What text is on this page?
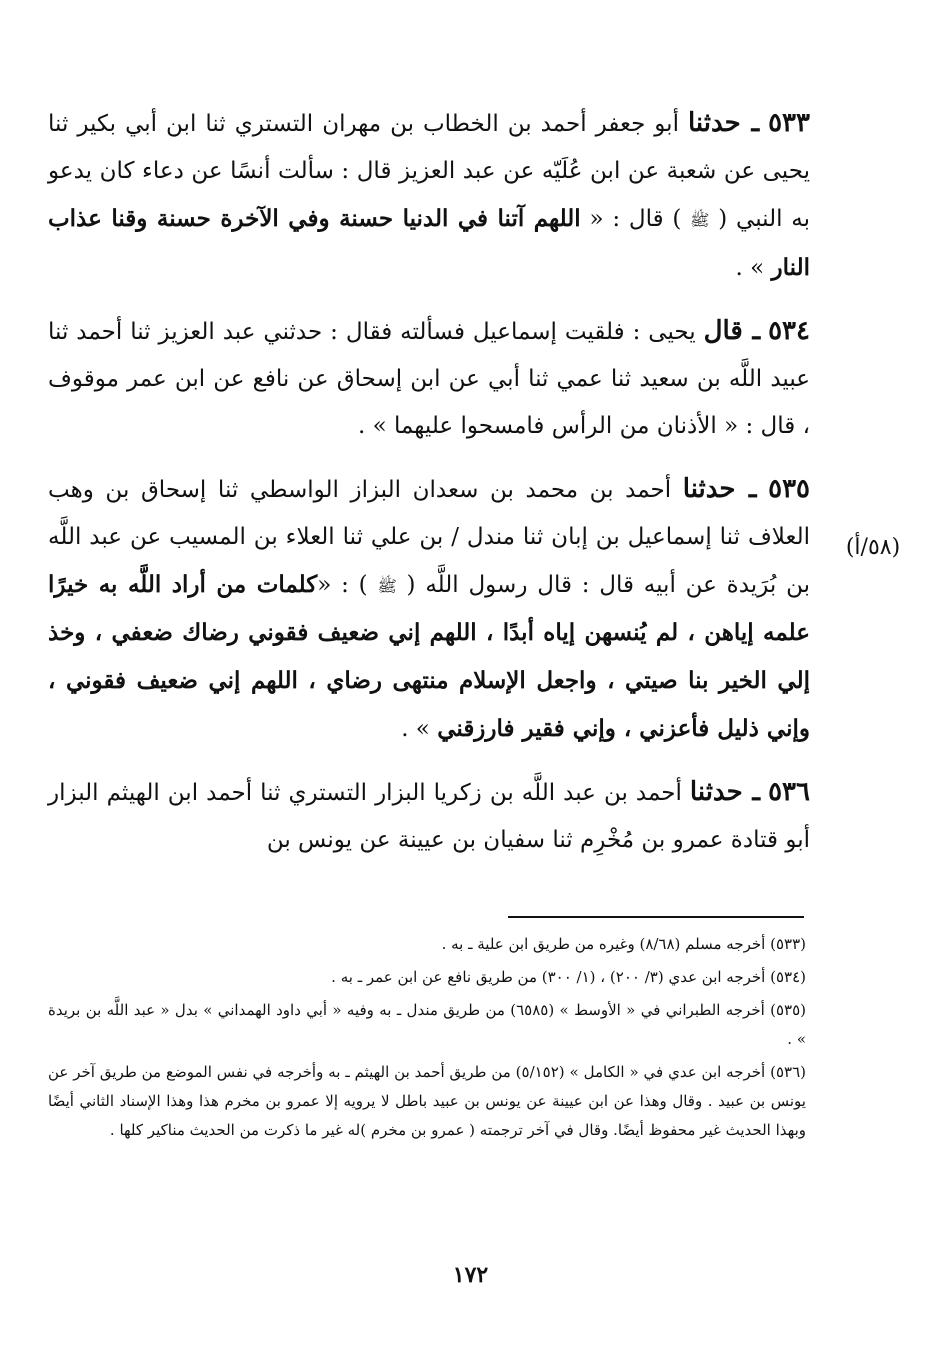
٥٣٣ ـ حدثنا أبو جعفر أحمد بن الخطاب بن مهران التستري ثنا ابن أبي بكير ثنا يحيى عن شعبة عن ابن عُلَيّه عن عبد العزيز قال : سألت أنسًا عن دعاء كان يدعو به النبي ( ﷺ ) قال : « اللهم آتنا في الدنيا حسنة وفي الآخرة حسنة وقنا عذاب النار » .

٥٣٤ ـ قال يحيى : فلقيت إسماعيل فسألته فقال : حدثني عبد العزيز ثنا أحمد ثنا عبيد اللَّه بن سعيد ثنا عمي ثنا أبي عن ابن إسحاق عن نافع عن ابن عمر موقوف ، قال : « الأذنان من الرأس فامسحوا عليهما » .

٥٣٥ ـ حدثنا أحمد بن محمد بن سعدان البزاز الواسطي ثنا إسحاق بن وهب العلاف ثنا إسماعيل بن إبان ثنا مندل / بن علي ثنا العلاء بن المسيب عن عبد اللَّه بن بُرَيدة عن أبيه قال : قال رسول اللَّه ( ﷺ ) : «كلمات من أراد اللَّه به خيرًا علمه إياهن ، لم يُنسهن إياه أبدًا ، اللهم إني ضعيف فقوني رضاك ضعفي ، وخذ إلي الخير بنا صيتي ، واجعل الإسلام منتهى رضاي ، اللهم إني ضعيف فقوني ، وإني ذليل فأعزني ، وإني فقير فارزقني » .

٥٣٦ ـ حدثنا أحمد بن عبد اللَّه بن زكريا البزار التستري ثنا أحمد ابن الهيثم البزار أبو قتادة عمرو بن مُخْرِم ثنا سفيان بن عيينة عن يونس بن

(٥٨/أ)

(٥٣٣) أخرجه مسلم (٨/٦٨) وغيره من طريق ابن علية ـ به .

(٥٣٤) أخرجه ابن عدي (٣/ ٢٠٠) ، (١/ ٣٠٠) من طريق نافع عن ابن عمر ـ به .

(٥٣٥) أخرجه الطبراني في « الأوسط » (٦٥٨٥) من طريق مندل ـ به وفيه « أبي داود الهمداني » بدل « عبد اللَّه بن بريدة » .

(٥٣٦) أخرجه ابن عدي في « الكامل » (٥/١٥٢) من طريق أحمد بن الهيثم ـ به وأخرجه في نفس الموضع من طريق آخر عن يونس بن عبيد . وقال وهذا عن ابن عيينة عن يونس بن عبيد باطل لا يرويه إلا عمرو بن مخرم هذا وهذا الإسناد الثاني أيضًا وبهذا الحديث غير محفوظ أيضًا. وقال في آخر ترجمته ( عمرو بن مخرم )له غير ما ذكرت من الحديث مناكير كلها .

١٧٢
